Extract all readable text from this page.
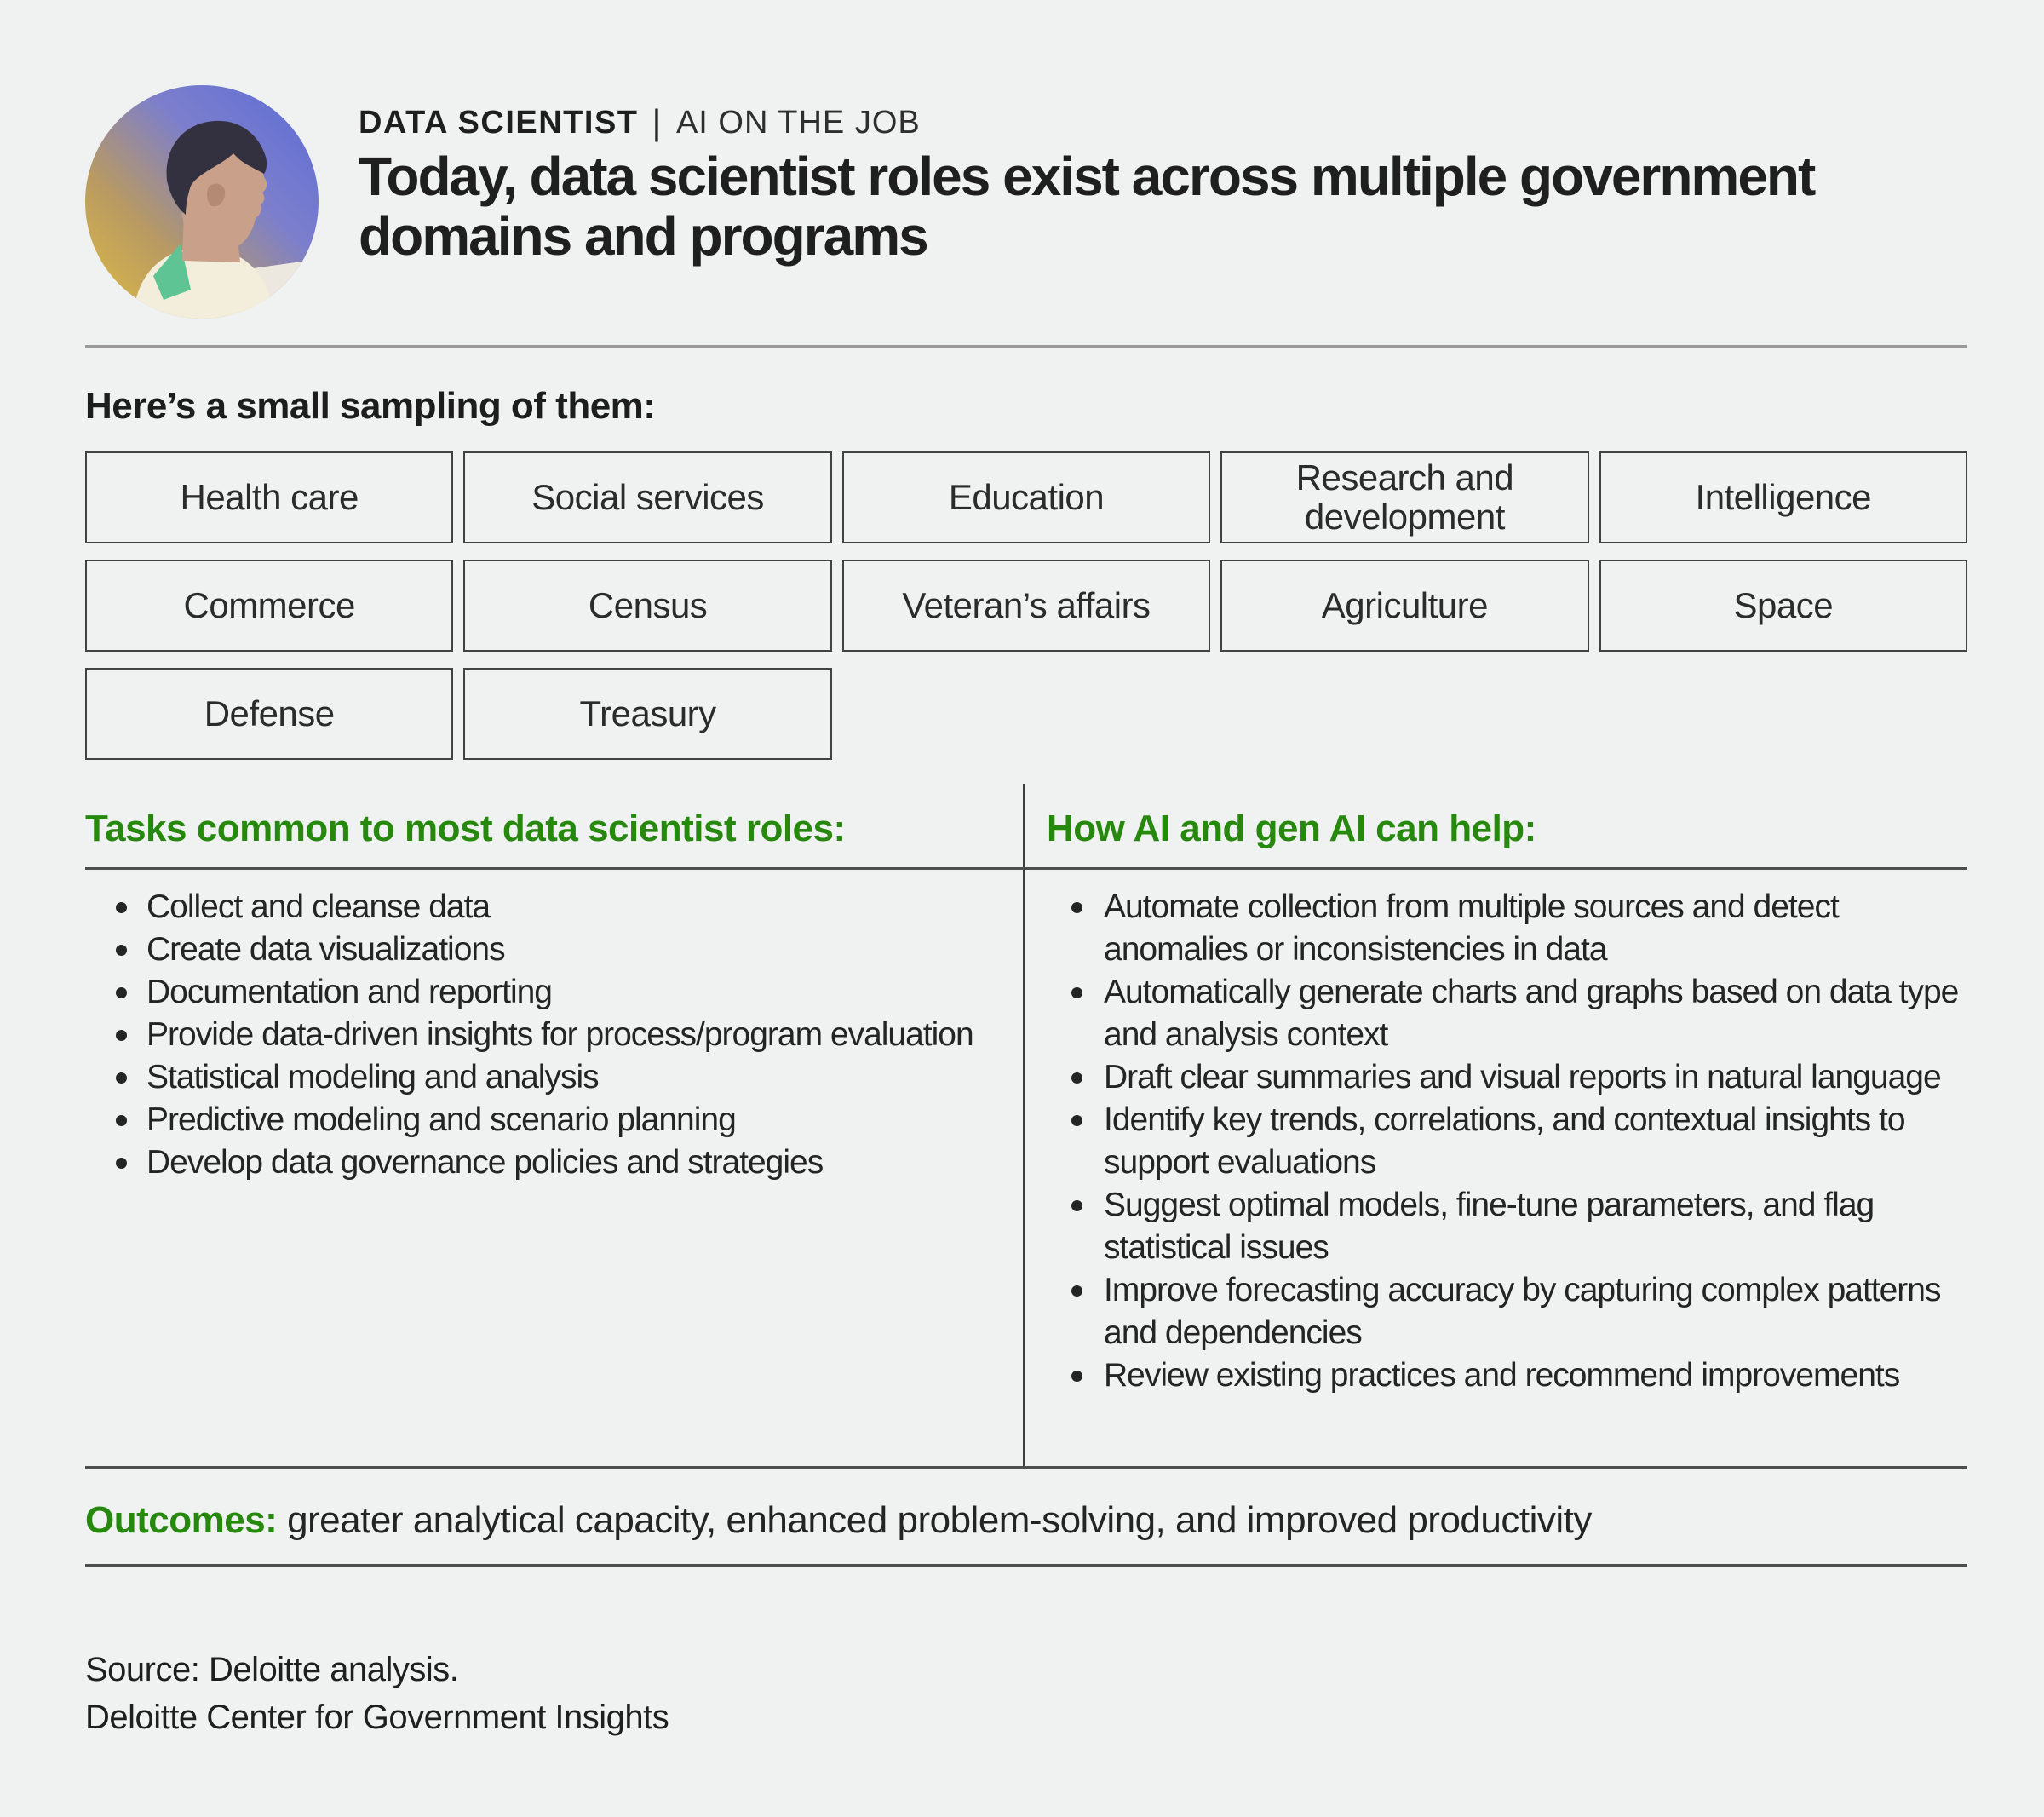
DATA SCIENTIST | AI ON THE JOB
Today, data scientist roles exist across multiple government
domains and programs
Here’s a small sampling of them:
Health care	Social services	Education	Research and development	Intelligence
Commerce	Census	Veteran’s affairs	Agriculture	Space
Defense	Treasury
Tasks common to most data scientist roles:	How AI and gen AI can help:
Collect and cleanse data
Create data visualizations
Documentation and reporting
Provide data-driven insights for process/program evaluation
Statistical modeling and analysis
Predictive modeling and scenario planning
Develop data governance policies and strategies
Automate collection from multiple sources and detect anomalies or inconsistencies in data
Automatically generate charts and graphs based on data type and analysis context
Draft clear summaries and visual reports in natural language
Identify key trends, correlations, and contextual insights to support evaluations
Suggest optimal models, fine-tune parameters, and flag statistical issues
Improve forecasting accuracy by capturing complex patterns and dependencies
Review existing practices and recommend improvements

Outcomes: greater analytical capacity, enhanced problem-solving, and improved productivity

Source: Deloitte analysis.
Deloitte Center for Government Insights
